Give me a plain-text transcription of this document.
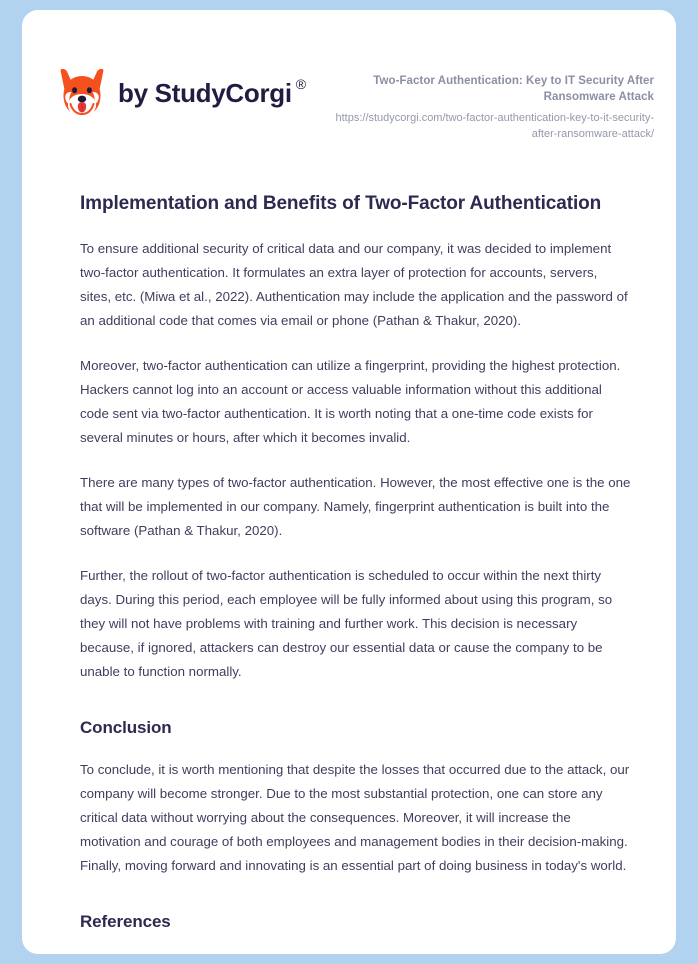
by StudyCorgi ®	Two-Factor Authentication: Key to IT Security After Ransomware Attack
https://studycorgi.com/two-factor-authentication-key-to-it-security-after-ransomware-attack/
Implementation and Benefits of Two-Factor Authentication

To ensure additional security of critical data and our company, it was decided to implement two-factor authentication. It formulates an extra layer of protection for accounts, servers, sites, etc. (Miwa et al., 2022). Authentication may include the application and the password of an additional code that comes via email or phone (Pathan & Thakur, 2020).

Moreover, two-factor authentication can utilize a fingerprint, providing the highest protection. Hackers cannot log into an account or access valuable information without this additional code sent via two-factor authentication. It is worth noting that a one-time code exists for several minutes or hours, after which it becomes invalid.

There are many types of two-factor authentication. However, the most effective one is the one that will be implemented in our company. Namely, fingerprint authentication is built into the software (Pathan & Thakur, 2020).

Further, the rollout of two-factor authentication is scheduled to occur within the next thirty days. During this period, each employee will be fully informed about using this program, so they will not have problems with training and further work. This decision is necessary because, if ignored, attackers can destroy our essential data or cause the company to be unable to function normally.

Conclusion

To conclude, it is worth mentioning that despite the losses that occurred due to the attack, our company will become stronger. Due to the most substantial protection, one can store any critical data without worrying about the consequences. Moreover, it will increase the motivation and courage of both employees and management bodies in their decision-making. Finally, moving forward and innovating is an essential part of doing business in today's world.

References
